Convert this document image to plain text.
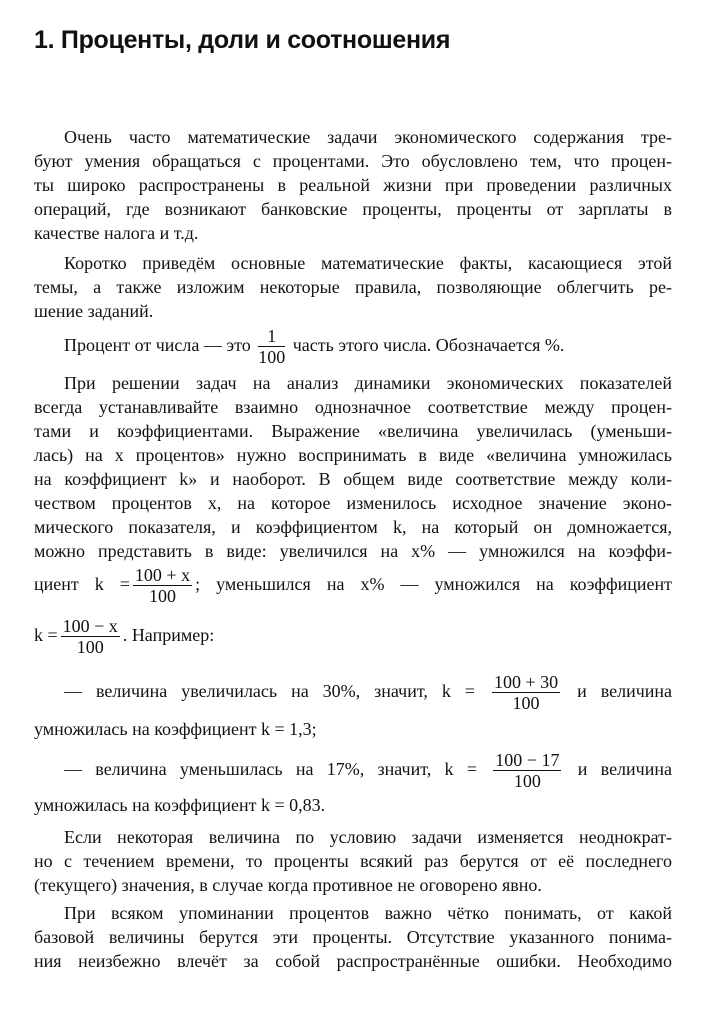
1. Проценты, доли и соотношения
Очень часто математические задачи экономического содержания тре-
буют умения обращаться с процентами. Это обусловлено тем, что процен-
ты широко распространены в реальной жизни при проведении различных
операций, где возникают банковские проценты, проценты от зарплаты в
качестве налога и т.д.
Коротко приведём основные математические факты, касающиеся этой
темы, а также изложим некоторые правила, позволяющие облегчить ре-
шение заданий.
Процент от числа — это $\frac{1}{100}$ часть этого числа. Обозначается %.
При решении задач на анализ динамики экономических показателей
всегда устанавливайте взаимно однозначное соответствие между процен-
тами и коэффициентами. Выражение «величина увеличилась (уменьши-
лась) на x процентов» нужно воспринимать в виде «величина умножилась
на коэффициент k» и наоборот. В общем виде соответствие между коли-
чеством процентов x, на которое изменилось исходное значение эконо-
мического показателя, и коэффициентом k, на который он домножается,
можно представить в виде: увеличился на x% — умножился на коэффи-
циент $k = \frac{100 + x}{100}$ ; уменьшился на x% — умножился на коэффициент
$k = \frac{100 - x}{100}$ . Например:
— величина увеличилась на 30%, значит, $k = \frac{100 + 30}{100}$ и величина
умножилась на коэффициент k = 1,3;
— величина уменьшилась на 17%, значит, $k = \frac{100 - 17}{100}$ и величина
умножилась на коэффициент k = 0,83.
Если некоторая величина по условию задачи изменяется неоднократ-
но с течением времени, то проценты всякий раз берутся от её последнего
(текущего) значения, в случае когда противное не оговорено явно.
При всяком упоминании процентов важно чётко понимать, от какой
базовой величины берутся эти проценты. Отсутствие указанного понима-
ния неизбежно влечёт за собой распространённые ошибки. Необходимо
